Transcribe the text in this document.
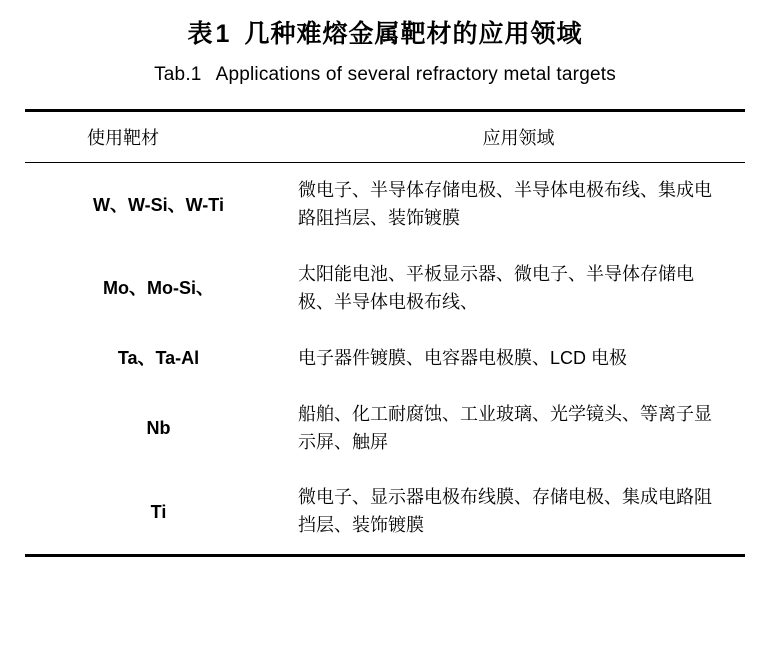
表1 几种难熔金属靶材的应用领域
Tab.1 Applications of several refractory metal targets
使用靶材	应用领域
W、W-Si、W-Ti	微电子、半导体存储电极、半导体电极布线、集成电路阻挡层、装饰镀膜
Mo、Mo-Si、	太阳能电池、平板显示器、微电子、半导体存储电极、半导体电极布线、
Ta、Ta-Al	电子器件镀膜、电容器电极膜、LCD 电极
Nb	船舶、化工耐腐蚀、工业玻璃、光学镜头、等离子显示屏、触屏
Ti	微电子、显示器电极布线膜、存储电极、集成电路阻挡层、装饰镀膜
